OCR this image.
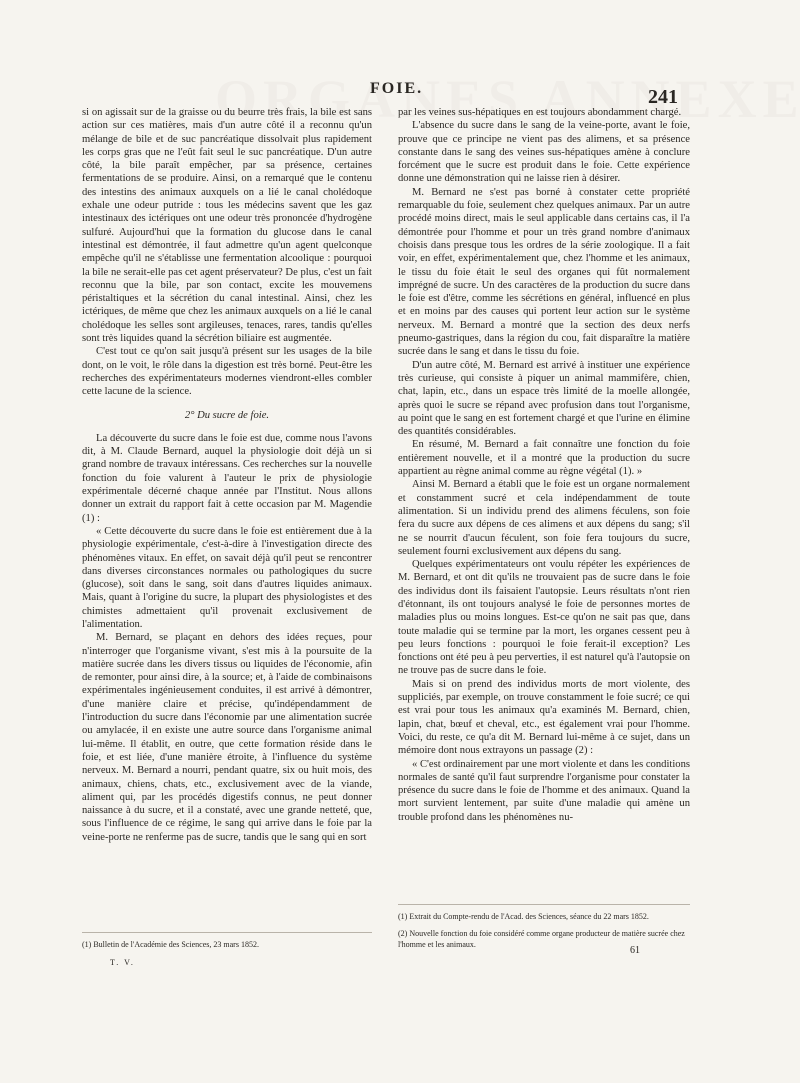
FOIE.	241

si on agissait sur de la graisse ou du beurre très frais, la bile est sans action sur ces matières, mais d'un autre côté il a reconnu qu'un mélange de bile et de suc pancréatique dissolvait plus rapidement les corps gras que ne l'eût fait seul le suc pancréatique. D'un autre côté, la bile paraît empêcher, par sa présence, certaines fermentations de se produire. Ainsi, on a remarqué que le contenu des intestins des animaux auxquels on a lié le canal cholédoque exhale une odeur putride : tous les médecins savent que les gaz intestinaux des ictériques ont une odeur très prononcée d'hydrogène sulfuré. Aujourd'hui que la formation du glucose dans le canal intestinal est démontrée, il faut admettre qu'un agent quelconque empêche qu'il ne s'établisse une fermentation alcoolique : pourquoi la bile ne serait-elle pas cet agent préservateur? De plus, c'est un fait reconnu que la bile, par son contact, excite les mouvemens péristaltiques et la sécrétion du canal intestinal. Ainsi, chez les ictériques, de même que chez les animaux auxquels on a lié le canal cholédoque les selles sont argileuses, tenaces, rares, tandis qu'elles sont très liquides quand la sécrétion biliaire est augmentée.

C'est tout ce qu'on sait jusqu'à présent sur les usages de la bile dont, on le voit, le rôle dans la digestion est très borné. Peut-être les recherches des expérimentateurs modernes viendront-elles combler cette lacune de la science.

2° Du sucre de foie.

La découverte du sucre dans le foie est due, comme nous l'avons dit, à M. Claude Bernard, auquel la physiologie doit déjà un si grand nombre de travaux intéressans. Ces recherches sur la nouvelle fonction du foie valurent à l'auteur le prix de physiologie expérimentale décerné chaque année par l'Institut. Nous allons donner un extrait du rapport fait à cette occasion par M. Magendie (1) :

« Cette découverte du sucre dans le foie est entièrement due à la physiologie expérimentale, c'est-à-dire à l'investigation directe des phénomènes vitaux. En effet, on savait déjà qu'il peut se rencontrer dans diverses circonstances normales ou pathologiques du sucre (glucose), soit dans le sang, soit dans d'autres liquides animaux. Mais, quant à l'origine du sucre, la plupart des physiologistes et des chimistes admettaient qu'il provenait exclusivement de l'alimentation.

M. Bernard, se plaçant en dehors des idées reçues, pour n'interroger que l'organisme vivant, s'est mis à la poursuite de la matière sucrée dans les divers tissus ou liquides de l'économie, afin de remonter, pour ainsi dire, à la source; et, à l'aide de combinaisons expérimentales ingénieusement conduites, il est arrivé à démontrer, d'une manière claire et précise, qu'indépendamment de l'introduction du sucre dans l'économie par une alimentation sucrée ou amylacée, il en existe une autre source dans l'organisme animal lui-même. Il établit, en outre, que cette formation réside dans le foie, et est liée, d'une manière étroite, à l'influence du système nerveux. M. Bernard a nourri, pendant quatre, six ou huit mois, des animaux, chiens, chats, etc., exclusivement avec de la viande, aliment qui, par les procédés digestifs connus, ne peut donner naissance à du sucre, et il a constaté, avec une grande netteté, que, sous l'influence de ce régime, le sang qui arrive dans le foie par la veine-porte ne renferme pas de sucre, tandis que le sang qui en sort

par les veines sus-hépatiques en est toujours abondamment chargé.

L'absence du sucre dans le sang de la veine-porte, avant le foie, prouve que ce principe ne vient pas des alimens, et sa présence constante dans le sang des veines sus-hépatiques amène à conclure forcément que le sucre est produit dans le foie. Cette expérience donne une démonstration qui ne laisse rien à désirer.

M. Bernard ne s'est pas borné à constater cette propriété remarquable du foie, seulement chez quelques animaux. Par un autre procédé moins direct, mais le seul applicable dans certains cas, il l'a démontrée pour l'homme et pour un très grand nombre d'animaux choisis dans presque tous les ordres de la série zoologique. Il a fait voir, en effet, expérimentalement que, chez l'homme et les animaux, le tissu du foie était le seul des organes qui fût normalement imprégné de sucre. Un des caractères de la production du sucre dans le foie est d'être, comme les sécrétions en général, influencé en plus et en moins par des causes qui portent leur action sur le système nerveux. M. Bernard a montré que la section des deux nerfs pneumo-gastriques, dans la région du cou, fait disparaître la matière sucrée dans le sang et dans le tissu du foie.

D'un autre côté, M. Bernard est arrivé à instituer une expérience très curieuse, qui consiste à piquer un animal mammifère, chien, chat, lapin, etc., dans un espace très limité de la moelle allongée, après quoi le sucre se répand avec profusion dans tout l'organisme, au point que le sang en est fortement chargé et que l'urine en élimine des quantités considérables.

En résumé, M. Bernard a fait connaître une fonction du foie entièrement nouvelle, et il a montré que la production du sucre appartient au règne animal comme au règne végétal (1). »

Ainsi M. Bernard a établi que le foie est un organe normalement et constamment sucré et cela indépendamment de toute alimentation. Si un individu prend des alimens féculens, son foie fera du sucre aux dépens de ces alimens et aux dépens du sang; s'il ne se nourrit d'aucun féculent, son foie fera toujours du sucre, seulement fourni exclusivement aux dépens du sang.

Quelques expérimentateurs ont voulu répéter les expériences de M. Bernard, et ont dit qu'ils ne trouvaient pas de sucre dans le foie des individus dont ils faisaient l'autopsie. Leurs résultats n'ont rien d'étonnant, ils ont toujours analysé le foie de personnes mortes de maladies plus ou moins longues. Est-ce qu'on ne sait pas que, dans toute maladie qui se termine par la mort, les organes cessent peu à peu leurs fonctions : pourquoi le foie ferait-il exception? Les fonctions ont été peu à peu perverties, il est naturel qu'à l'autopsie on ne trouve pas de sucre dans le foie.

Mais si on prend des individus morts de mort violente, des suppliciés, par exemple, on trouve constamment le foie sucré; ce qui est vrai pour tous les animaux qu'a examinés M. Bernard, chien, lapin, chat, bœuf et cheval, etc., est également vrai pour l'homme. Voici, du reste, ce qu'a dit M. Bernard lui-même à ce sujet, dans un mémoire dont nous extrayons un passage (2) :

« C'est ordinairement par une mort violente et dans les conditions normales de santé qu'il faut surprendre l'organisme pour constater la présence du sucre dans le foie de l'homme et des animaux. Quand la mort survient lentement, par suite d'une maladie qui amène un trouble profond dans les phénomènes nu-

(1) Bulletin de l'Académie des Sciences, 23 mars 1852.

(1) Extrait du Compte-rendu de l'Acad. des Sciences, séance du 22 mars 1852.

(2) Nouvelle fonction du foie considéré comme organe producteur de matière sucrée chez l'homme et les animaux.

T. V.
61
